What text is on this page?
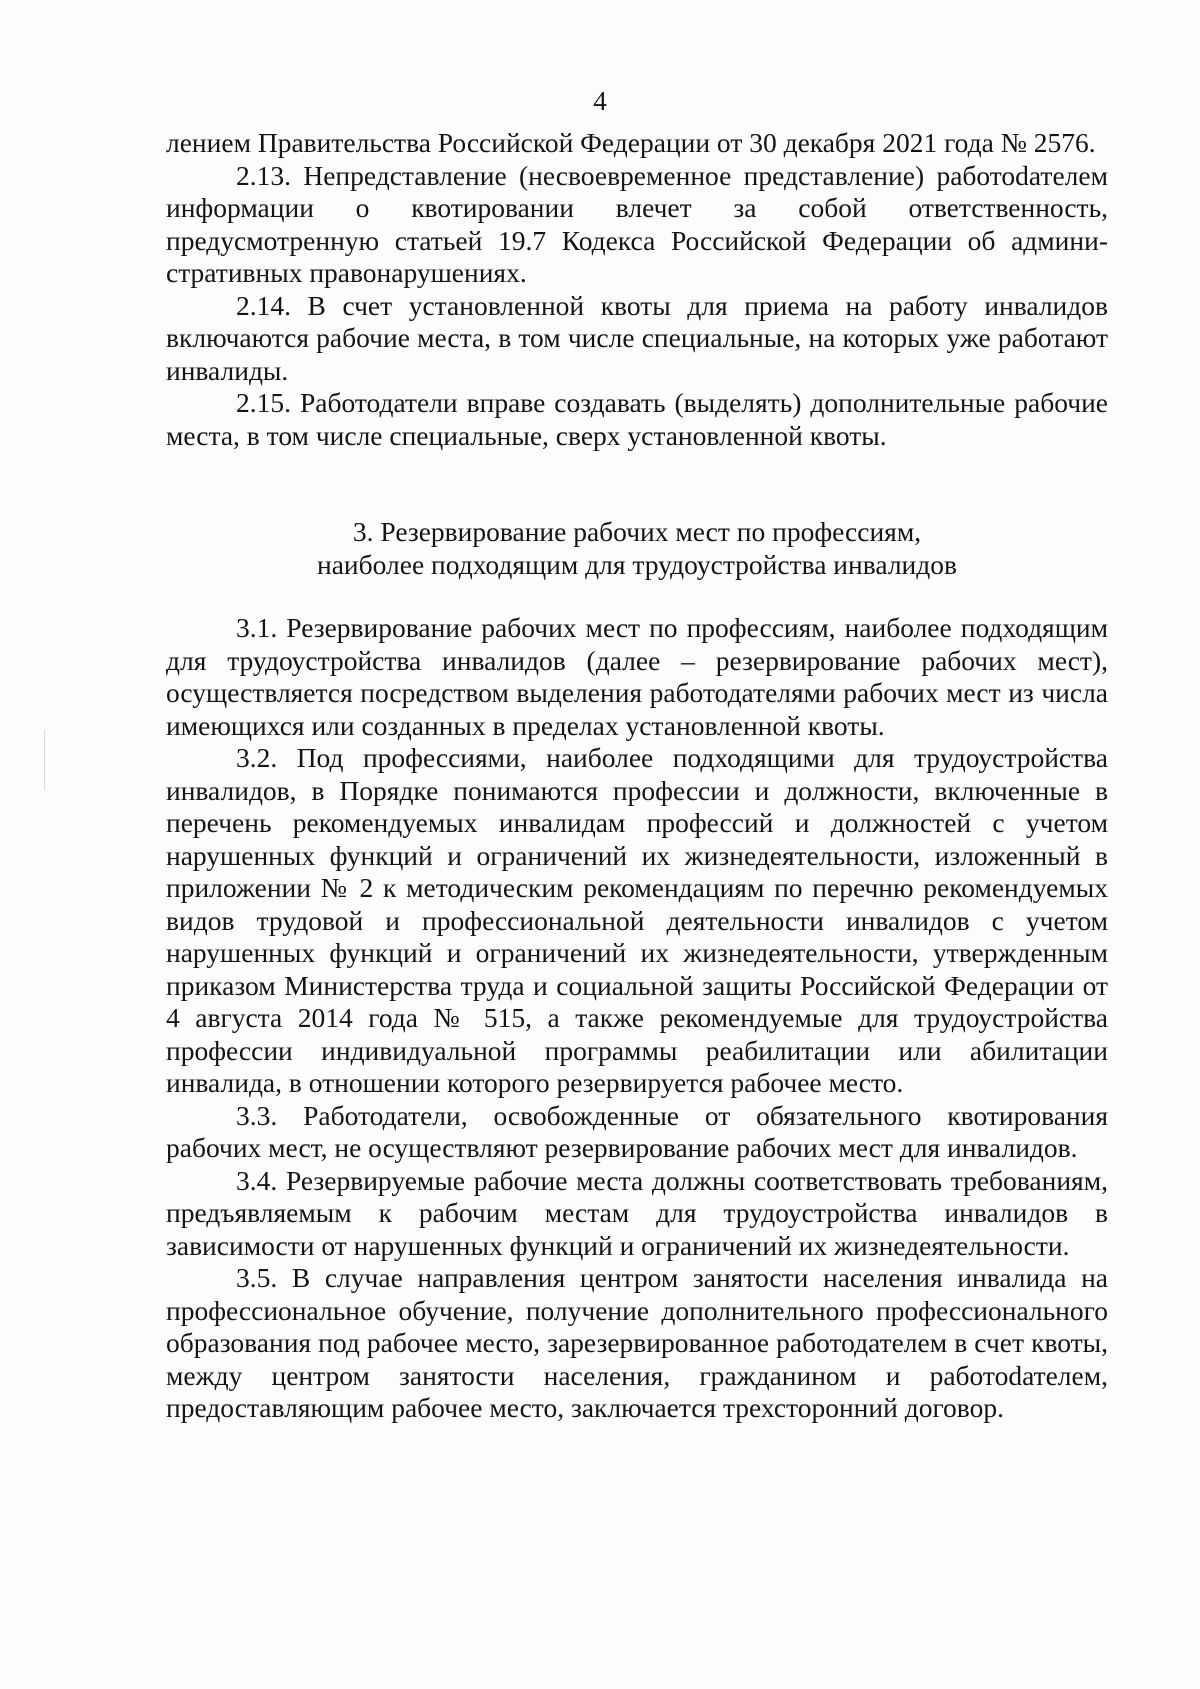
4

лением Правительства Российской Федерации от 30 декабря 2021 года № 2576.

2.13. Непредставление (несвоевременное представление) работоdателем информации о квотировании влечет за собой ответственность, предусмотренную статьей 19.7 Кодекса Российской Федерации об административных правонарушениях.

2.14. В счет установленной квоты для приема на работу инвалидов включаются рабочие места, в том числе специальные, на которых уже работают инвалиды.

2.15. Работодатели вправе создавать (выделять) дополнительные рабочие места, в том числе специальные, сверх установленной квоты.

3. Резервирование рабочих мест по профессиям,
наиболее подходящим для трудоустройства инвалидов

3.1. Резервирование рабочих мест по профессиям, наиболее подходящим для трудоустройства инвалидов (далее – резервирование рабочих мест), осуществляется посредством выделения работодателями рабочих мест из числа имеющихся или созданных в пределах установленной квоты.

3.2. Под профессиями, наиболее подходящими для трудоустройства инвалидов, в Порядке понимаются профессии и должности, включенные в перечень рекомендуемых инвалидам профессий и должностей с учетом нарушенных функций и ограничений их жизнедеятельности, изложенный в приложении № 2 к методическим рекомендациям по перечню рекомендуемых видов трудовой и профессиональной деятельности инвалидов с учетом нарушенных функций и ограничений их жизнедеятельности, утвержденным приказом Министерства труда и социальной защиты Российской Федерации от 4 августа 2014 года № 515, а также рекомендуемые для трудоустройства профессии индивидуальной программы реабилитации или абилитации инвалида, в отношении которого резервируется рабочее место.

3.3. Работодатели, освобожденные от обязательного квотирования рабочих мест, не осуществляют резервирование рабочих мест для инвалидов.

3.4. Резервируемые рабочие места должны соответствовать требованиям, предъявляемым к рабочим местам для трудоустройства инвалидов в зависимости от нарушенных функций и ограничений их жизнедеятельности.

3.5. В случае направления центром занятости населения инвалида на профессиональное обучение, получение дополнительного профессионального образования под рабочее место, зарезервированное работодателем в счет квоты, между центром занятости населения, гражданином и работоdателем, предоставляющим рабочее место, заключается трехсторонний договор.
